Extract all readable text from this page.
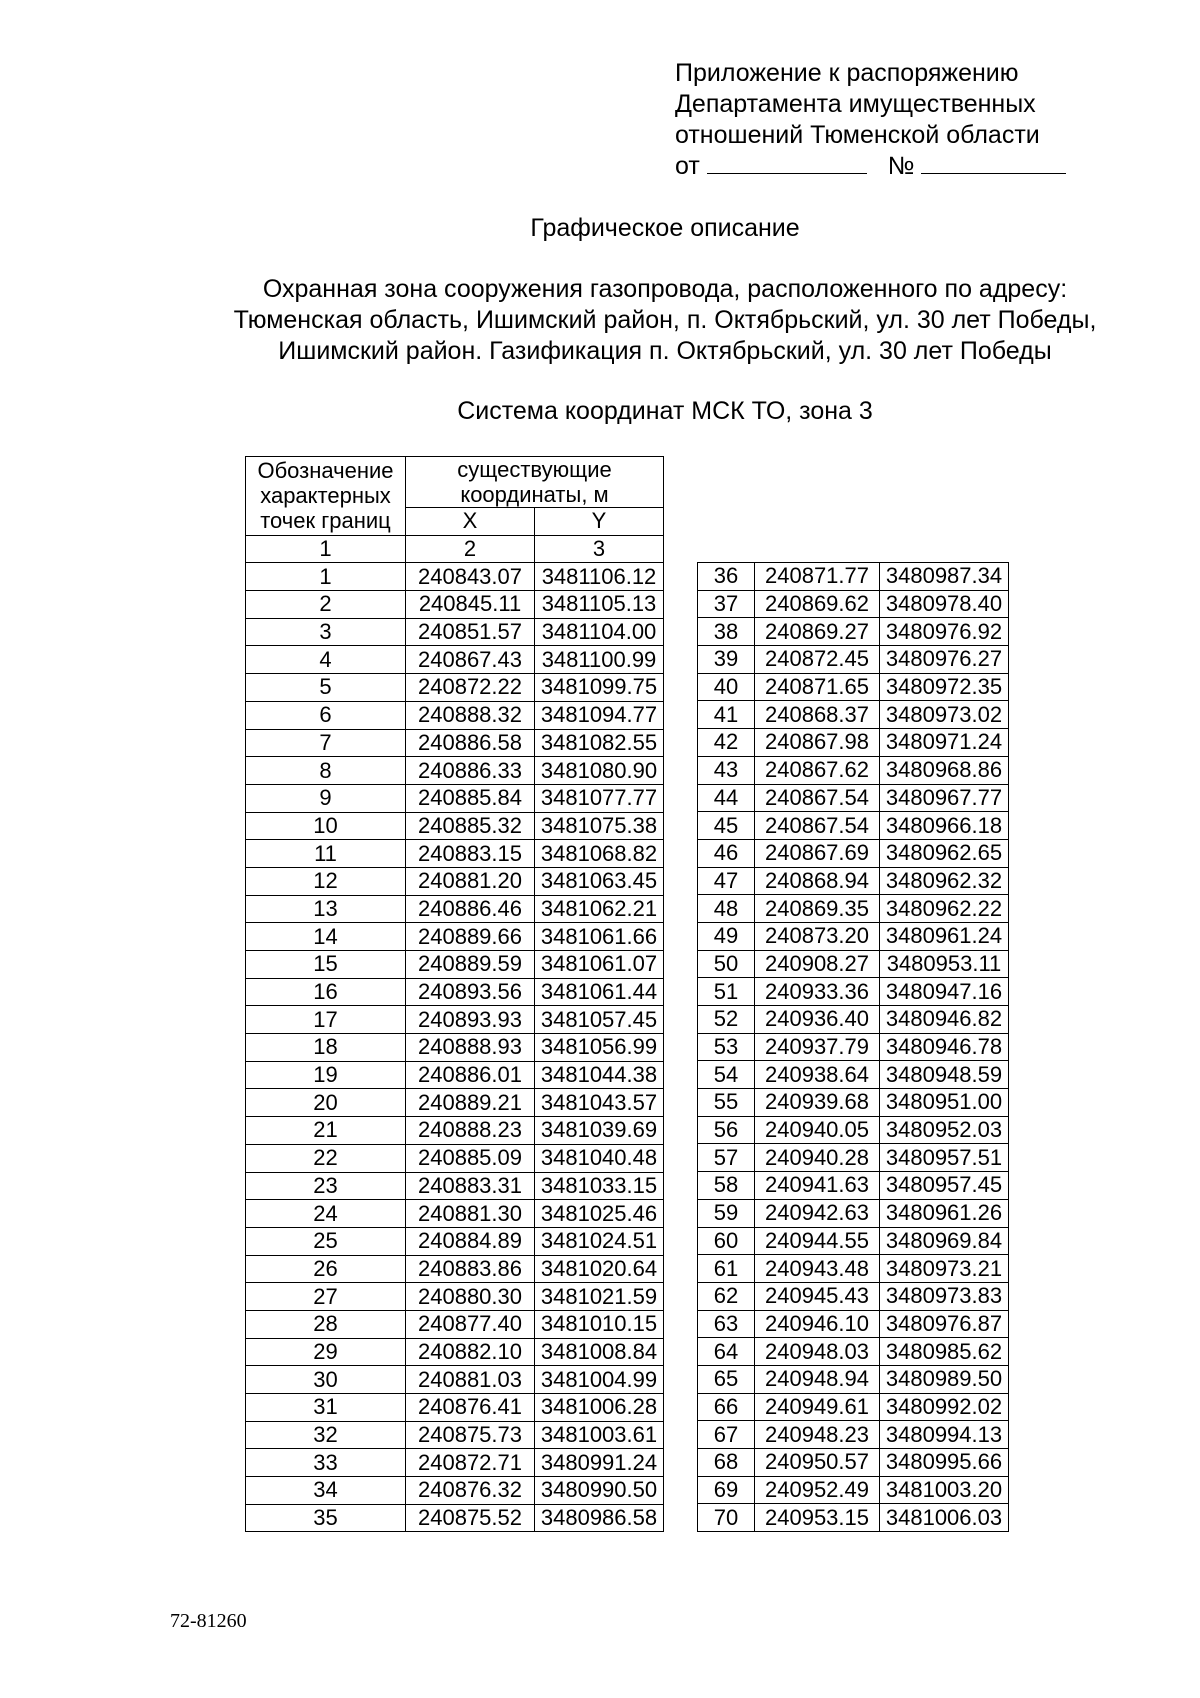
Приложение к распоряжению
Департамента имущественных
отношений Тюменской области
от	№
Графическое описание
Охранная зона сооружения газопровода, расположенного по адресу:
Тюменская область, Ишимский район, п. Октябрьский, ул. 30 лет Победы,
Ишимский район. Газификация п. Октябрьский, ул. 30 лет Победы
Система координат МСК ТО, зона 3
Обозначение характерных точек границ	существующие координаты, м	
	X	Y
1	2	3
1	240843.07	3481106.12
2	240845.11	3481105.13
3	240851.57	3481104.00
4	240867.43	3481100.99
5	240872.22	3481099.75
6	240888.32	3481094.77
7	240886.58	3481082.55
8	240886.33	3481080.90
9	240885.84	3481077.77
10	240885.32	3481075.38
11	240883.15	3481068.82
12	240881.20	3481063.45
13	240886.46	3481062.21
14	240889.66	3481061.66
15	240889.59	3481061.07
16	240893.56	3481061.44
17	240893.93	3481057.45
18	240888.93	3481056.99
19	240886.01	3481044.38
20	240889.21	3481043.57
21	240888.23	3481039.69
22	240885.09	3481040.48
23	240883.31	3481033.15
24	240881.30	3481025.46
25	240884.89	3481024.51
26	240883.86	3481020.64
27	240880.30	3481021.59
28	240877.40	3481010.15
29	240882.10	3481008.84
30	240881.03	3481004.99
31	240876.41	3481006.28
32	240875.73	3481003.61
33	240872.71	3480991.24
34	240876.32	3480990.50
35	240875.52	3480986.58
36	240871.77	3480987.34
37	240869.62	3480978.40
38	240869.27	3480976.92
39	240872.45	3480976.27
40	240871.65	3480972.35
41	240868.37	3480973.02
42	240867.98	3480971.24
43	240867.62	3480968.86
44	240867.54	3480967.77
45	240867.54	3480966.18
46	240867.69	3480962.65
47	240868.94	3480962.32
48	240869.35	3480962.22
49	240873.20	3480961.24
50	240908.27	3480953.11
51	240933.36	3480947.16
52	240936.40	3480946.82
53	240937.79	3480946.78
54	240938.64	3480948.59
55	240939.68	3480951.00
56	240940.05	3480952.03
57	240940.28	3480957.51
58	240941.63	3480957.45
59	240942.63	3480961.26
60	240944.55	3480969.84
61	240943.48	3480973.21
62	240945.43	3480973.83
63	240946.10	3480976.87
64	240948.03	3480985.62
65	240948.94	3480989.50
66	240949.61	3480992.02
67	240948.23	3480994.13
68	240950.57	3480995.66
69	240952.49	3481003.20
70	240953.15	3481006.03
72-81260
